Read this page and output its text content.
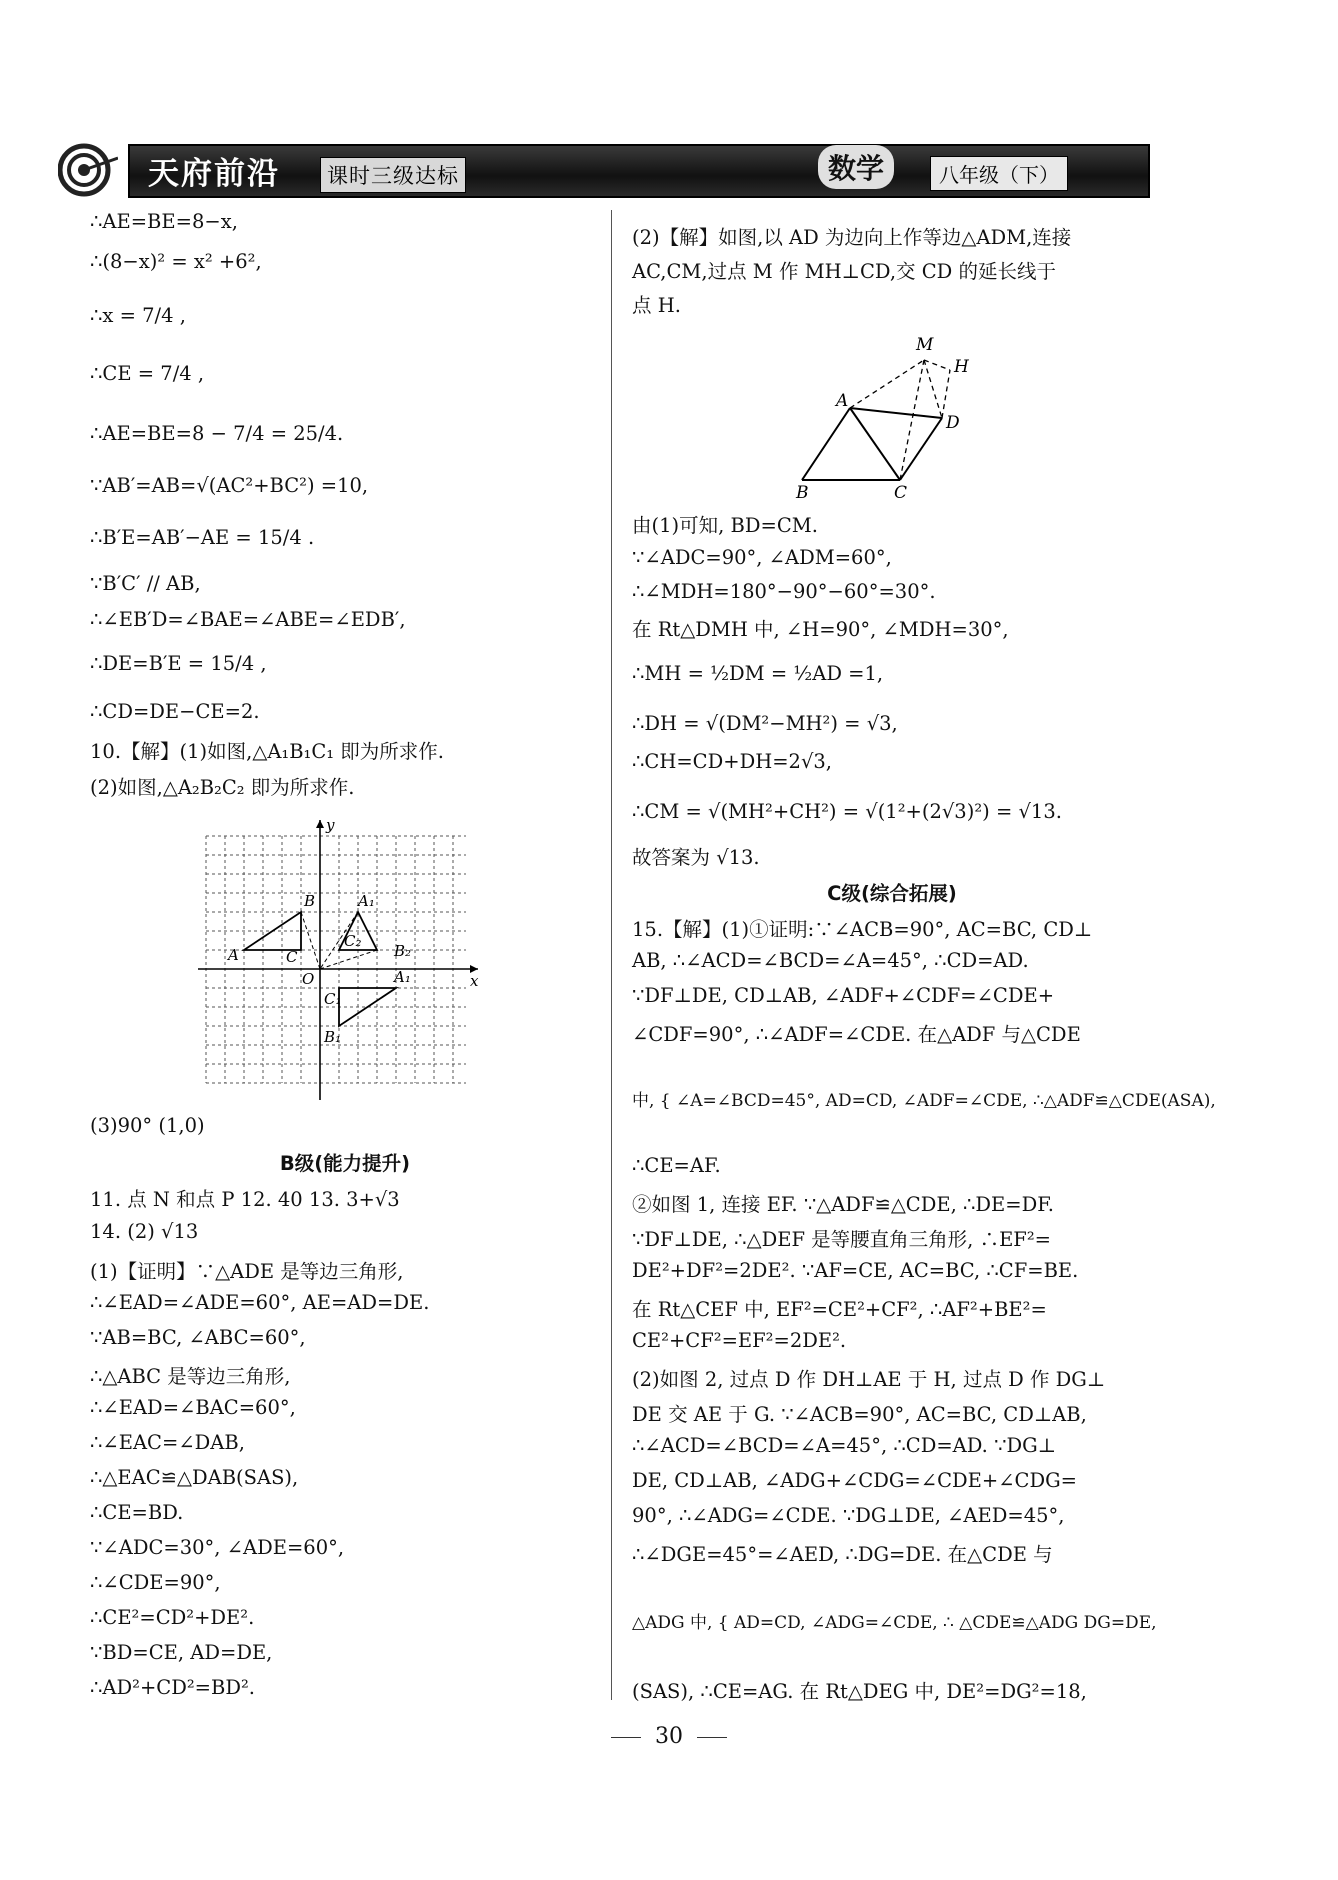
天府前沿	课时三级达标	数学	八年级（下）
∴AE=BE=8−x,
∴(8−x)² = x² +6²,
∴x = 7/4 ,
∴CE = 7/4 ,
∴AE=BE=8 − 7/4 = 25/4.
∵AB′=AB=√(AC²+BC²) =10,
∴B′E=AB′−AE = 15/4 .
∵B′C′ // AB,
∴∠EB′D=∠BAE=∠ABE=∠EDB′,
∴DE=B′E = 15/4 ,
∴CD=DE−CE=2.
10.【解】(1)如图,△A₁B₁C₁ 即为所求作.
(2)如图,△A₂B₂C₂ 即为所求作.
y
B	A₁
A	C
C₂
B₂
A₁	x
O
C₁
B₁
(3)90° (1,0)
B级(能力提升)
11. 点 N 和点 P 12. 40 13. 3+√3
14. (2) √13
(1)【证明】∵△ADE 是等边三角形,
∴∠EAD=∠ADE=60°, AE=AD=DE.
∵AB=BC, ∠ABC=60°,
∴△ABC 是等边三角形,
∴∠EAD=∠BAC=60°,
∴∠EAC=∠DAB,
∴△EAC≌△DAB(SAS),
∴CE=BD.
∵∠ADC=30°, ∠ADE=60°,
∴∠CDE=90°,
∴CE²=CD²+DE².
∵BD=CE, AD=DE,
∴AD²+CD²=BD².
(2)【解】如图,以 AD 为边向上作等边△ADM,连接
AC,CM,过点 M 作 MH⊥CD,交 CD 的延长线于
点 H.
M
H
A
D
B	C
由(1)可知, BD=CM.
∵∠ADC=90°, ∠ADM=60°,
∴∠MDH=180°−90°−60°=30°.
在 Rt△DMH 中, ∠H=90°, ∠MDH=30°,
∴MH = ½DM = ½AD =1,
∴DH = √(DM²−MH²) = √3,
∴CH=CD+DH=2√3,
∴CM = √(MH²+CH²) = √(1²+(2√3)²) = √13.
故答案为 √13.
C级(综合拓展)
15.【解】(1)①证明:∵∠ACB=90°, AC=BC, CD⊥
AB, ∴∠ACD=∠BCD=∠A=45°, ∴CD=AD.
∵DF⊥DE, CD⊥AB, ∠ADF+∠CDF=∠CDE+
∠CDF=90°, ∴∠ADF=∠CDE. 在△ADF 与△CDE
中, { ∠A=∠BCD=45°, AD=CD, ∠ADF=∠CDE, ∴△ADF≌△CDE(ASA),
∴CE=AF.
②如图 1, 连接 EF. ∵△ADF≌△CDE, ∴DE=DF.
∵DF⊥DE, ∴△DEF 是等腰直角三角形, ∴EF²=
DE²+DF²=2DE². ∵AF=CE, AC=BC, ∴CF=BE.
在 Rt△CEF 中, EF²=CE²+CF², ∴AF²+BE²=
CE²+CF²=EF²=2DE².
(2)如图 2, 过点 D 作 DH⊥AE 于 H, 过点 D 作 DG⊥
DE 交 AE 于 G. ∵∠ACB=90°, AC=BC, CD⊥AB,
∴∠ACD=∠BCD=∠A=45°, ∴CD=AD. ∵DG⊥
DE, CD⊥AB, ∠ADG+∠CDG=∠CDE+∠CDG=
90°, ∴∠ADG=∠CDE. ∵DG⊥DE, ∠AED=45°,
∴∠DGE=45°=∠AED, ∴DG=DE. 在△CDE 与
△ADG 中, { AD=CD, ∠ADG=∠CDE, ∴ △CDE≌△ADG DG=DE,
(SAS), ∴CE=AG. 在 Rt△DEG 中, DE²=DG²=18,
30
